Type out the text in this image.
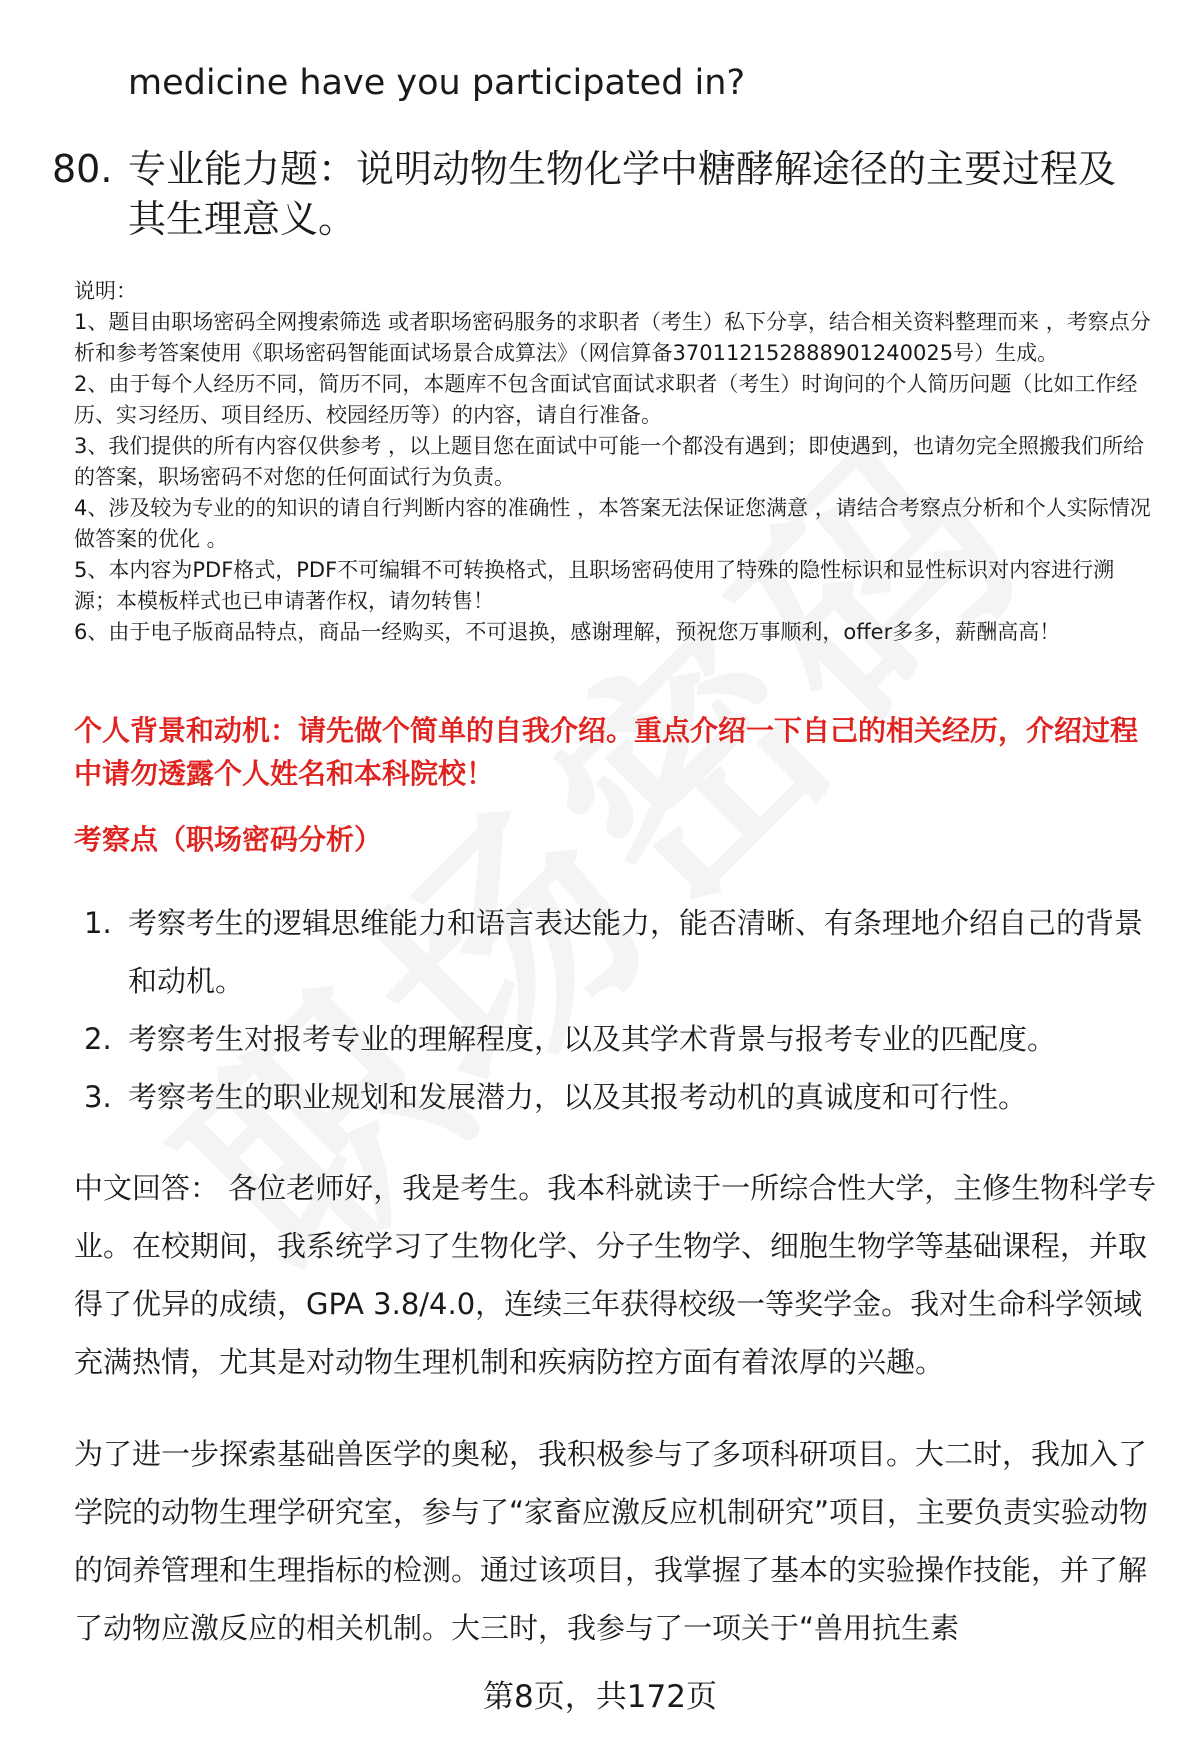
medicine have you participated in?
80. 专业能力题：说明动物生物化学中糖酵解途径的主要过程及其生理意义。
说明：
1、题目由职场密码全网搜索筛选 或者职场密码服务的求职者（考生）私下分享，结合相关资料整理而来 ，考察点分析和参考答案使用《职场密码智能面试场景合成算法》（网信算备370112152888901240025号）生成。
2、由于每个人经历不同，简历不同，本题库不包含面试官面试求职者（考生）时询问的个人简历问题（比如工作经历、实习经历、项目经历、校园经历等）的内容，请自行准备。
3、我们提供的所有内容仅供参考 ，以上题目您在面试中可能一个都没有遇到；即使遇到，也请勿完全照搬我们所给的答案，职场密码不对您的任何面试行为负责。
4、涉及较为专业的的知识的请自行判断内容的准确性 ，本答案无法保证您满意 ，请结合考察点分析和个人实际情况做答案的优化 。
5、本内容为PDF格式，PDF不可编辑不可转换格式，且职场密码使用了特殊的隐性标识和显性标识对内容进行溯源；本模板样式也已申请著作权，请勿转售！
6、由于电子版商品特点，商品一经购买，不可退换，感谢理解，预祝您万事顺利，offer多多，薪酬高高！
个人背景和动机：请先做个简单的自我介绍。重点介绍一下自己的相关经历，介绍过程中请勿透露个人姓名和本科院校！
考察点（职场密码分析）
1. 考察考生的逻辑思维能力和语言表达能力，能否清晰、有条理地介绍自己的背景和动机。
2. 考察考生对报考专业的理解程度，以及其学术背景与报考专业的匹配度。
3. 考察考生的职业规划和发展潜力，以及其报考动机的真诚度和可行性。

中文回答： 各位老师好，我是考生。我本科就读于一所综合性大学，主修生物科学专业。在校期间，我系统学习了生物化学、分子生物学、细胞生物学等基础课程，并取得了优异的成绩，GPA 3.8/4.0，连续三年获得校级一等奖学金。我对生命科学领域充满热情，尤其是对动物生理机制和疾病防控方面有着浓厚的兴趣。

为了进一步探索基础兽医学的奥秘，我积极参与了多项科研项目。大二时，我加入了学院的动物生理学研究室，参与了“家畜应激反应机制研究”项目，主要负责实验动物的饲养管理和生理指标的检测。通过该项目，我掌握了基本的实验操作技能，并了解了动物应激反应的相关机制。大三时，我参与了一项关于“兽用抗生素

第8页，共172页
